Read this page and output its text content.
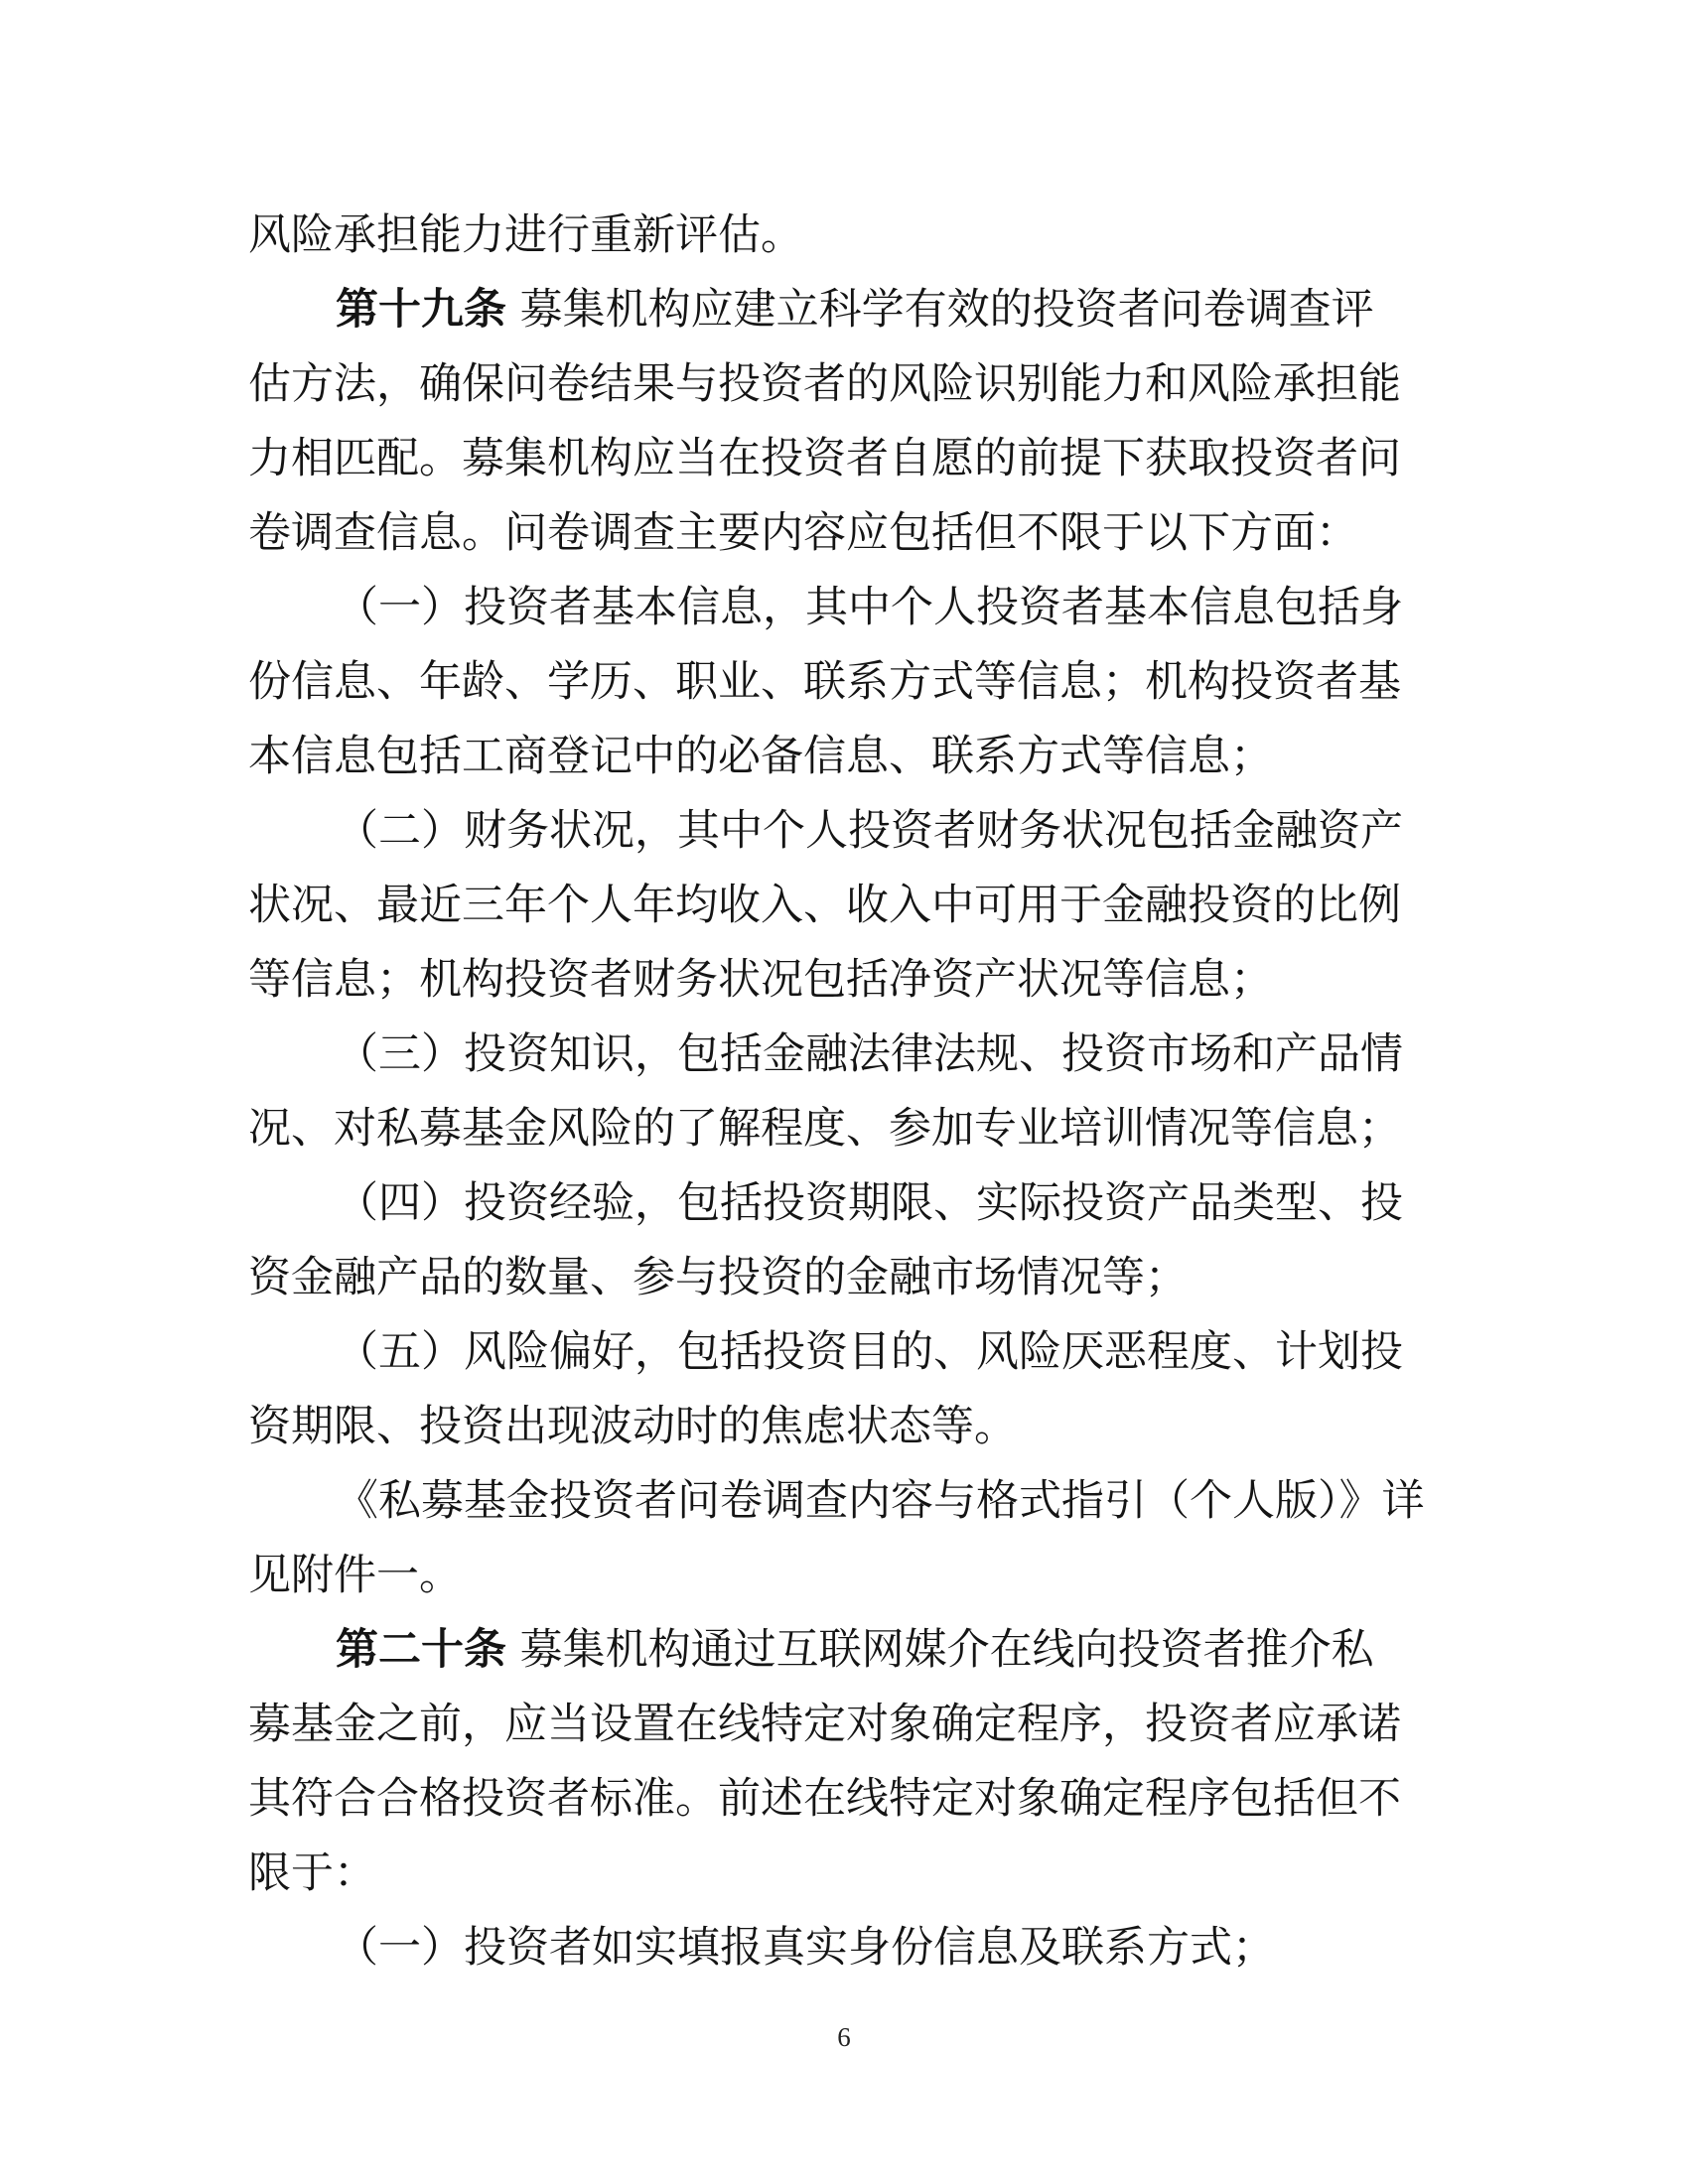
风险承担能力进行重新评估。
第十九条 募集机构应建立科学有效的投资者问卷调查评
估方法，确保问卷结果与投资者的风险识别能力和风险承担能
力相匹配。募集机构应当在投资者自愿的前提下获取投资者问
卷调查信息。问卷调查主要内容应包括但不限于以下方面：
（一）投资者基本信息，其中个人投资者基本信息包括身
份信息、年龄、学历、职业、联系方式等信息；机构投资者基
本信息包括工商登记中的必备信息、联系方式等信息；
（二）财务状况，其中个人投资者财务状况包括金融资产
状况、最近三年个人年均收入、收入中可用于金融投资的比例
等信息；机构投资者财务状况包括净资产状况等信息；
（三）投资知识，包括金融法律法规、投资市场和产品情
况、对私募基金风险的了解程度、参加专业培训情况等信息；
（四）投资经验，包括投资期限、实际投资产品类型、投
资金融产品的数量、参与投资的金融市场情况等；
（五）风险偏好，包括投资目的、风险厌恶程度、计划投
资期限、投资出现波动时的焦虑状态等。
《私募基金投资者问卷调查内容与格式指引（个人版）》详
见附件一。
第二十条 募集机构通过互联网媒介在线向投资者推介私
募基金之前，应当设置在线特定对象确定程序，投资者应承诺
其符合合格投资者标准。前述在线特定对象确定程序包括但不
限于：
（一）投资者如实填报真实身份信息及联系方式；
6
